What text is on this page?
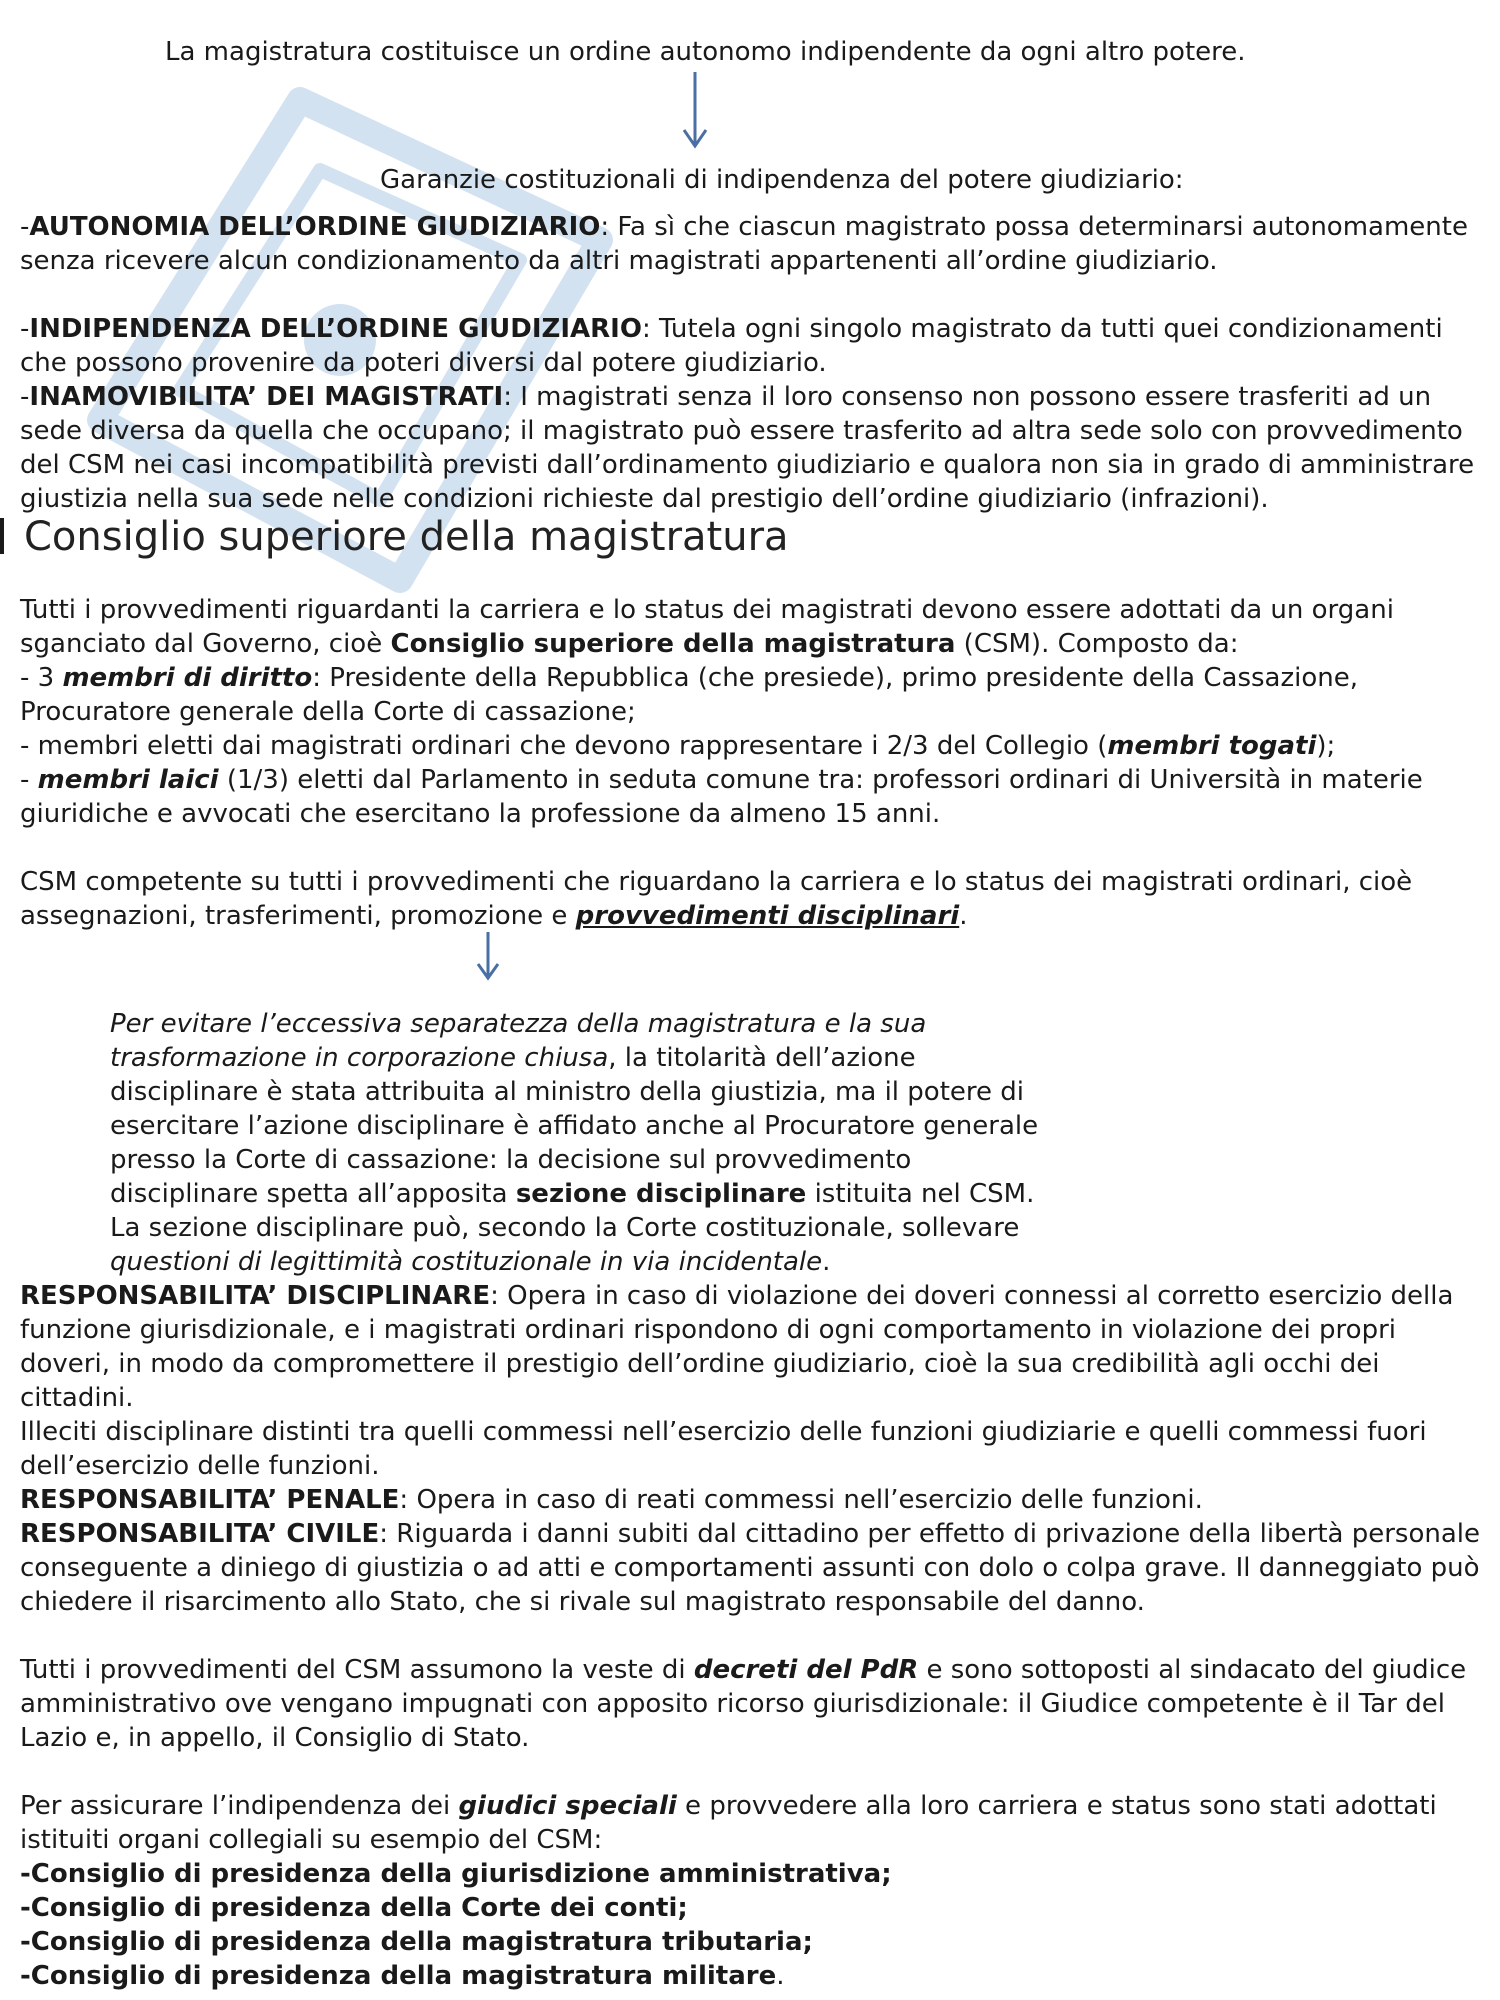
La magistratura costituisce un ordine autonomo indipendente da ogni altro potere.

Garanzie costituzionali di indipendenza del potere giudiziario:

-AUTONOMIA DELL’ORDINE GIUDIZIARIO: Fa sì che ciascun magistrato possa determinarsi autonomamente senza ricevere alcun condizionamento da altri magistrati appartenenti all’ordine giudiziario.

-INDIPENDENZA DELL’ORDINE GIUDIZIARIO: Tutela ogni singolo magistrato da tutti quei condizionamenti che possono provenire da poteri diversi dal potere giudiziario.

-INAMOVIBILITA’ DEI MAGISTRATI: I magistrati senza il loro consenso non possono essere trasferiti ad un sede diversa da quella che occupano; il magistrato può essere trasferito ad altra sede solo con provvedimento del CSM nei casi incompatibilità previsti dall’ordinamento giudiziario e qualora non sia in grado di amministrare giustizia nella sua sede nelle condizioni richieste dal prestigio dell’ordine giudiziario (infrazioni).

Consiglio superiore della magistratura

Tutti i provvedimenti riguardanti la carriera e lo status dei magistrati devono essere adottati da un organi sganciato dal Governo, cioè Consiglio superiore della magistratura (CSM). Composto da:

- 3 membri di diritto: Presidente della Repubblica (che presiede), primo presidente della Cassazione, Procuratore generale della Corte di cassazione;

- membri eletti dai magistrati ordinari che devono rappresentare i 2/3 del Collegio (membri togati);

- membri laici (1/3) eletti dal Parlamento in seduta comune tra: professori ordinari di Università in materie giuridiche e avvocati che esercitano la professione da almeno 15 anni.

CSM competente su tutti i provvedimenti che riguardano la carriera e lo status dei magistrati ordinari, cioè assegnazioni, trasferimenti, promozione e provvedimenti disciplinari.

Per evitare l’eccessiva separatezza della magistratura e la sua trasformazione in corporazione chiusa, la titolarità dell’azione disciplinare è stata attribuita al ministro della giustizia, ma il potere di esercitare l’azione disciplinare è affidato anche al Procuratore generale presso la Corte di cassazione: la decisione sul provvedimento disciplinare spetta all’apposita sezione disciplinare istituita nel CSM. La sezione disciplinare può, secondo la Corte costituzionale, sollevare questioni di legittimità costituzionale in via incidentale.

RESPONSABILITA’ DISCIPLINARE: Opera in caso di violazione dei doveri connessi al corretto esercizio della funzione giurisdizionale, e i magistrati ordinari rispondono di ogni comportamento in violazione dei propri doveri, in modo da compromettere il prestigio dell’ordine giudiziario, cioè la sua credibilità agli occhi dei cittadini.

Illeciti disciplinare distinti tra quelli commessi nell’esercizio delle funzioni giudiziarie e quelli commessi fuori dell’esercizio delle funzioni.

RESPONSABILITA’ PENALE: Opera in caso di reati commessi nell’esercizio delle funzioni.

RESPONSABILITA’ CIVILE: Riguarda i danni subiti dal cittadino per effetto di privazione della libertà personale conseguente a diniego di giustizia o ad atti e comportamenti assunti con dolo o colpa grave. Il danneggiato può chiedere il risarcimento allo Stato, che si rivale sul magistrato responsabile del danno.

Tutti i provvedimenti del CSM assumono la veste di decreti del PdR e sono sottoposti al sindacato del giudice amministrativo ove vengano impugnati con apposito ricorso giurisdizionale: il Giudice competente è il Tar del Lazio e, in appello, il Consiglio di Stato.

Per assicurare l’indipendenza dei giudici speciali e provvedere alla loro carriera e status sono stati adottati istituiti organi collegiali su esempio del CSM:

-Consiglio di presidenza della giurisdizione amministrativa;

-Consiglio di presidenza della Corte dei conti;

-Consiglio di presidenza della magistratura tributaria;

-Consiglio di presidenza della magistratura militare.
